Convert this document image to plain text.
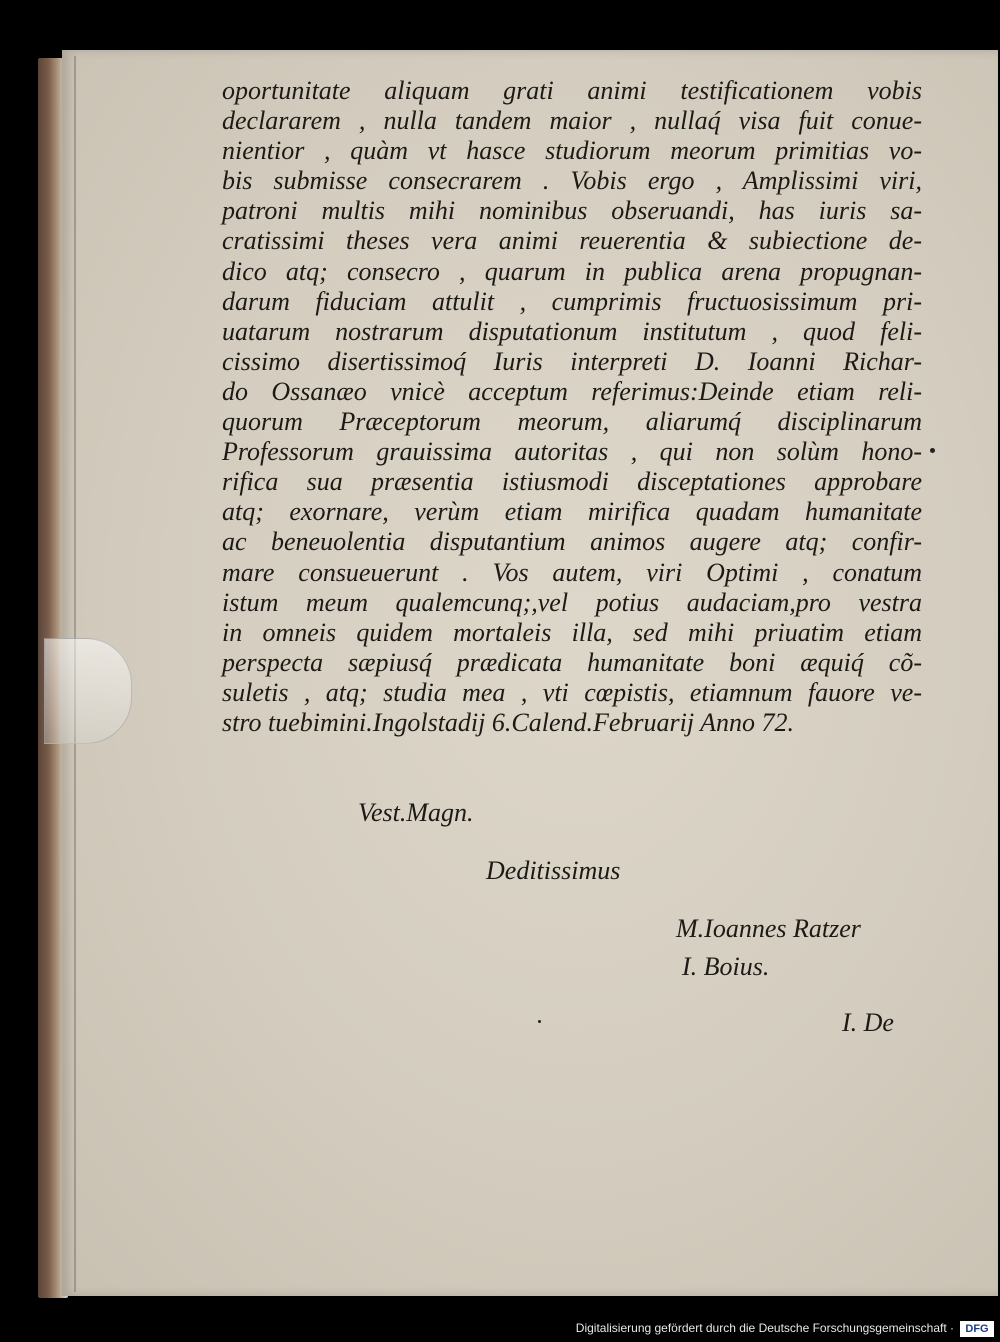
oportunitate aliquam grati animi testificationem vobis
declararem , nulla tandem maior , nullaq́ visa fuit conue-
nientior , quàm vt hasce studiorum meorum primitias vo-
bis submisse consecrarem . Vobis ergo , Amplissimi viri,
patroni multis mihi nominibus obseruandi, has iuris sa-
cratissimi theses vera animi reuerentia & subiectione de-
dico atq; consecro , quarum in publica arena propugnan-
darum fiduciam attulit , cumprimis fructuosissimum pri-
uatarum nostrarum disputationum institutum , quod feli-
cissimo disertissimoq́ Iuris interpreti D. Ioanni Richar-
do Ossanæo vnicè acceptum referimus:Deinde etiam reli-
quorum Præceptorum meorum, aliarumq́ disciplinarum
Professorum grauissima autoritas , qui non solùm hono-
rifica sua præsentia istiusmodi disceptationes approbare
atq; exornare, verùm etiam mirifica quadam humanitate
ac beneuolentia disputantium animos augere atq; confir-
mare consueuerunt . Vos autem, viri Optimi , conatum
istum meum qualemcunq;,vel potius audaciam,pro vestra
in omneis quidem mortaleis illa, sed mihi priuatim etiam
perspecta sæpiusq́ prædicata humanitate boni æquiq́ cõ-
suletis , atq; studia mea , vti cœpistis, etiamnum fauore ve-
stro tuebimini.Ingolstadij 6.Calend.Februarij Anno 72.
Vest.Magn.
Deditissimus
M.Ioannes Ratzer
I. Boius.
I. De
Digitalisierung gefördert durch die Deutsche Forschungsgemeinschaft ·	DFG
